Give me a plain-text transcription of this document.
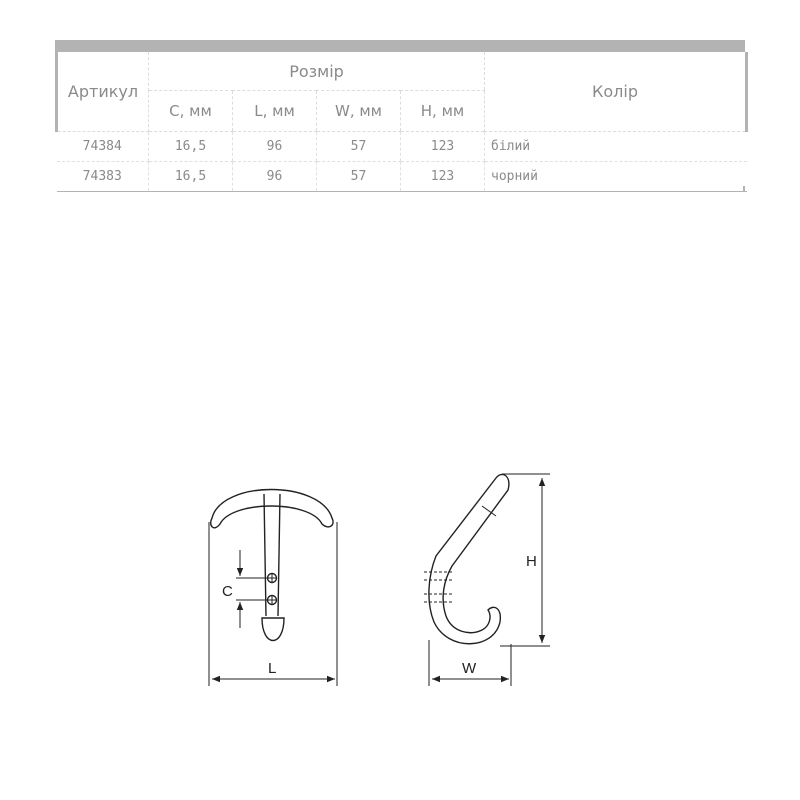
Артикул	Розмір				Колір
	C, мм	L, мм	W, мм	H, мм	
74384	16,5	96	57	123	білий
74383	16,5	96	57	123	чорний
C
L
H
W
